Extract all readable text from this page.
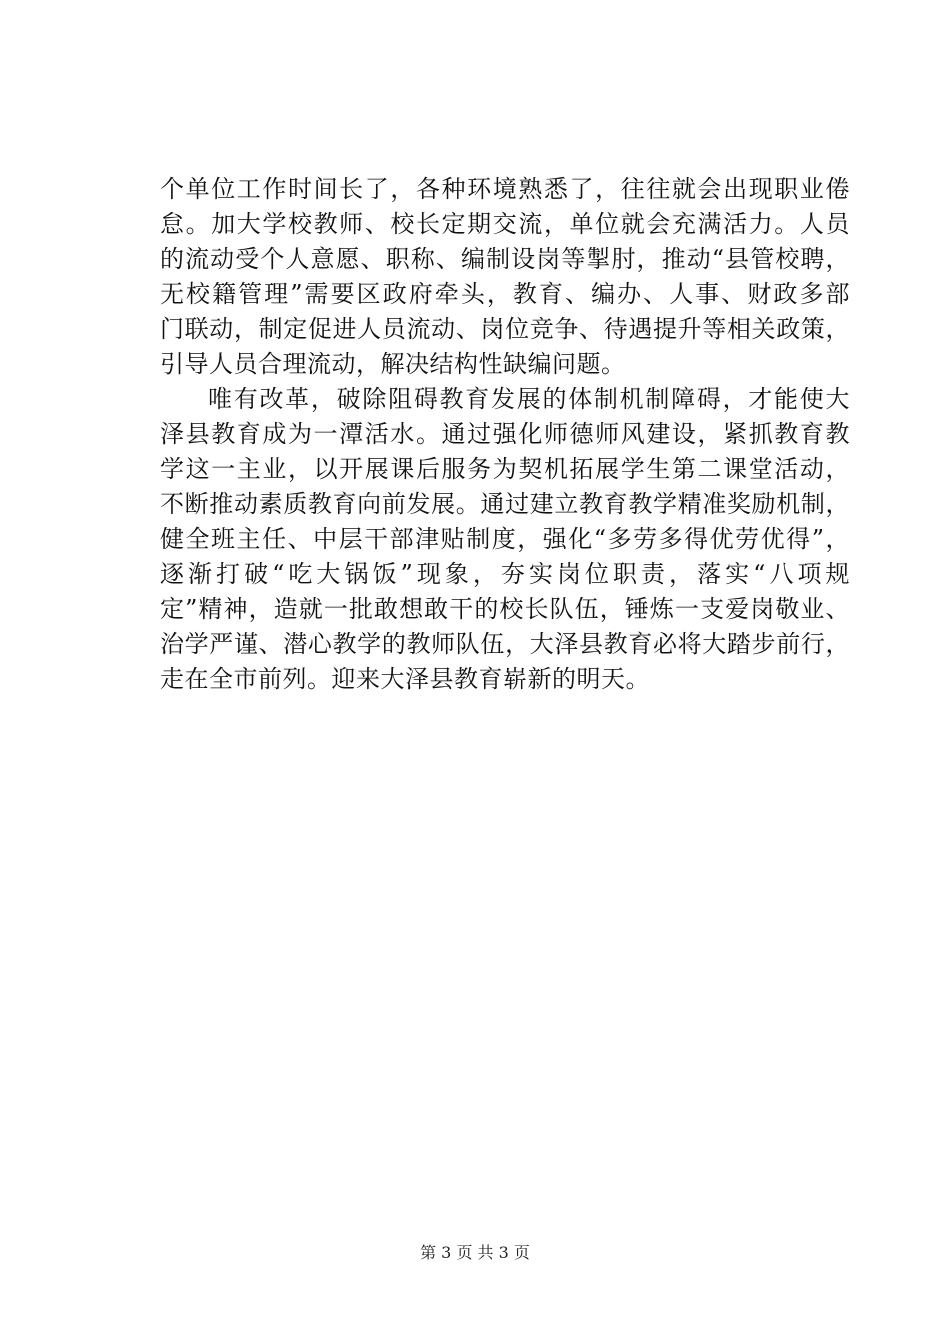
个单位工作时间长了，各种环境熟悉了，往往就会出现职业倦
怠。加大学校教师、校长定期交流，单位就会充满活力。人员
的流动受个人意愿、职称、编制设岗等掣肘，推动“县管校聘，
无校籍管理”需要区政府牵头，教育、编办、人事、财政多部
门联动，制定促进人员流动、岗位竞争、待遇提升等相关政策，
引导人员合理流动，解决结构性缺编问题。
唯有改革，破除阻碍教育发展的体制机制障碍，才能使大
泽县教育成为一潭活水。通过强化师德师风建设，紧抓教育教
学这一主业，以开展课后服务为契机拓展学生第二课堂活动，
不断推动素质教育向前发展。通过建立教育教学精准奖励机制，
健全班主任、中层干部津贴制度，强化“多劳多得优劳优得”，
逐渐打破“吃大锅饭”现象，夯实岗位职责，落实“八项规
定”精神，造就一批敢想敢干的校长队伍，锤炼一支爱岗敬业、
治学严谨、潜心教学的教师队伍，大泽县教育必将大踏步前行，
走在全市前列。迎来大泽县教育崭新的明天。
第 3 页 共 3 页
